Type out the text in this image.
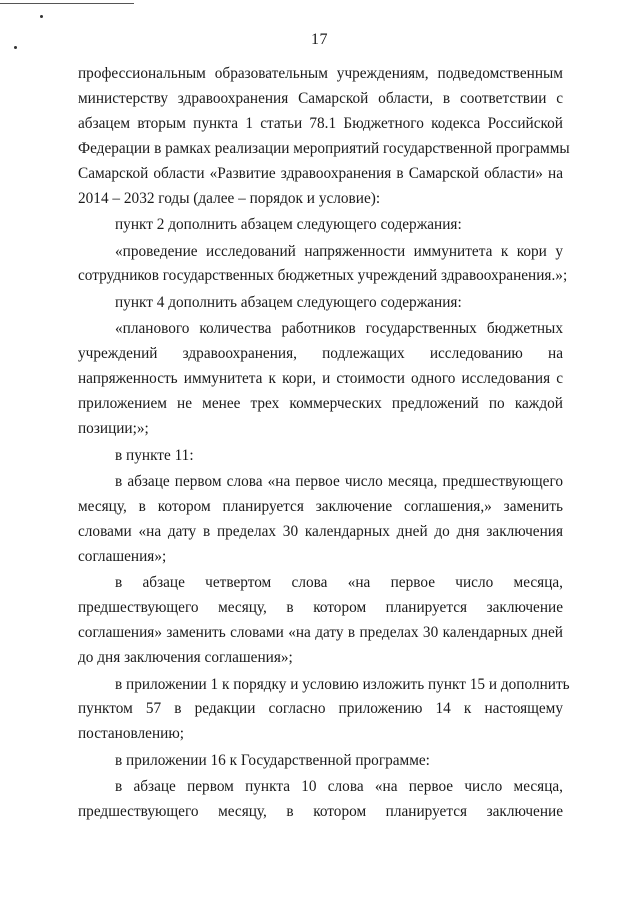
17

профессиональным образовательным учреждениям, подведомственным
министерству здравоохранения Самарской области, в соответствии с
абзацем вторым пункта 1 статьи 78.1 Бюджетного кодекса Российской
Федерации в рамках реализации мероприятий государственной программы
Самарской области «Развитие здравоохранения в Самарской области» на
2014 – 2032 годы (далее – порядок и условие):

пункт 2 дополнить абзацем следующего содержания:

«проведение исследований напряженности иммунитета к кори у
сотрудников государственных бюджетных учреждений здравоохранения.»;

пункт 4 дополнить абзацем следующего содержания:

«планового количества работников государственных бюджетных
учреждений здравоохранения, подлежащих исследованию на
напряженность иммунитета к кори, и стоимости одного исследования с
приложением не менее трех коммерческих предложений по каждой
позиции;»;

в пункте 11:

в абзаце первом слова «на первое число месяца, предшествующего
месяцу, в котором планируется заключение соглашения,» заменить
словами «на дату в пределах 30 календарных дней до дня заключения
соглашения»;

в абзаце четвертом слова «на первое число месяца,
предшествующего месяцу, в котором планируется заключение
соглашения» заменить словами «на дату в пределах 30 календарных дней
до дня заключения соглашения»;

в приложении 1 к порядку и условию изложить пункт 15 и дополнить
пунктом 57 в редакции согласно приложению 14 к настоящему
постановлению;

в приложении 16 к Государственной программе:

в абзаце первом пункта 10 слова «на первое число месяца,
предшествующего месяцу, в котором планируется заключение
